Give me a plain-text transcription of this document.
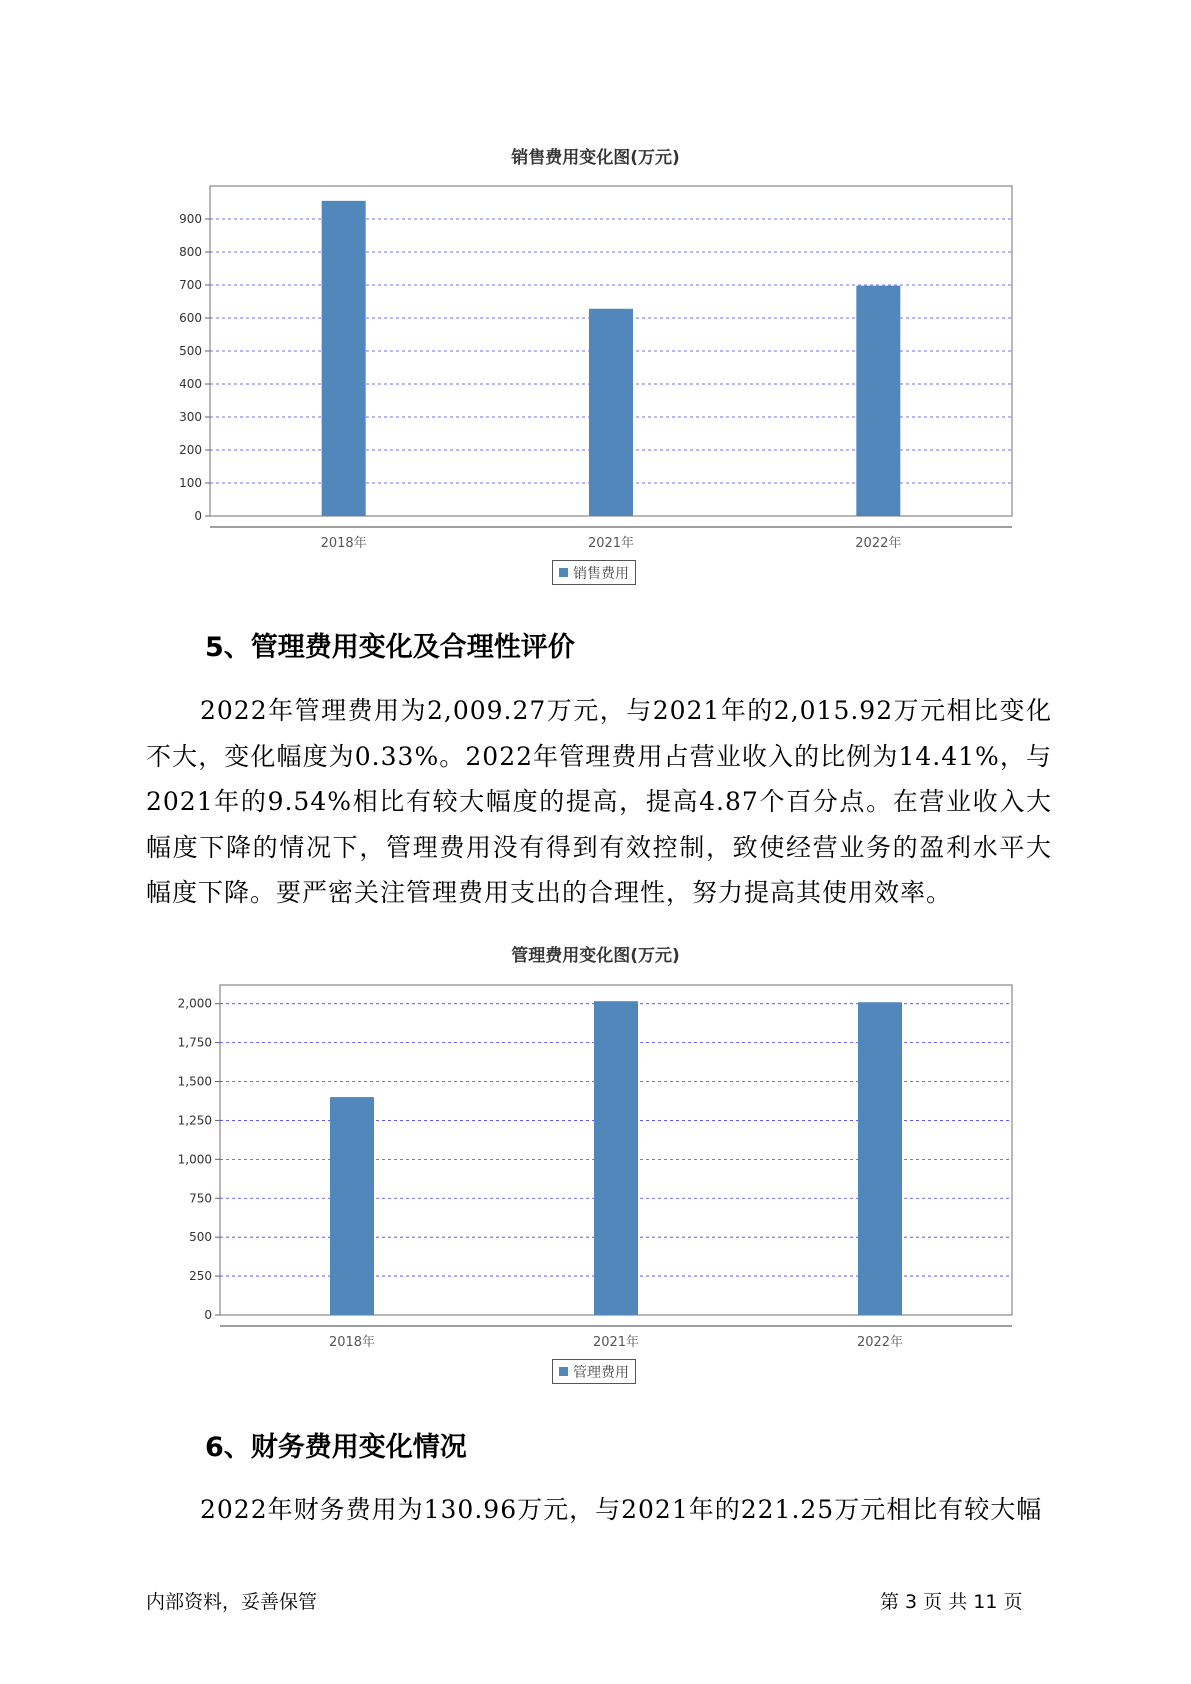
销售费用变化图(万元)
0
100
200
300
400
500
600
700
800
900
2018年	2021年	2022年
销售费用
5、管理费用变化及合理性评价
2022年管理费用为2,009.27万元，与2021年的2,015.92万元相比变化不大，变化幅度为0.33%。2022年管理费用占营业收入的比例为14.41%，与2021年的9.54%相比有较大幅度的提高，提高4.87个百分点。在营业收入大幅度下降的情况下，管理费用没有得到有效控制，致使经营业务的盈利水平大幅度下降。要严密关注管理费用支出的合理性，努力提高其使用效率。
管理费用变化图(万元)
0
250
500
750
1,000
1,250
1,500
1,750
2,000
2018年	2021年	2022年
管理费用
6、财务费用变化情况
2022年财务费用为130.96万元，与2021年的221.25万元相比有较大幅
内部资料，妥善保管	第 3 页 共 11 页
